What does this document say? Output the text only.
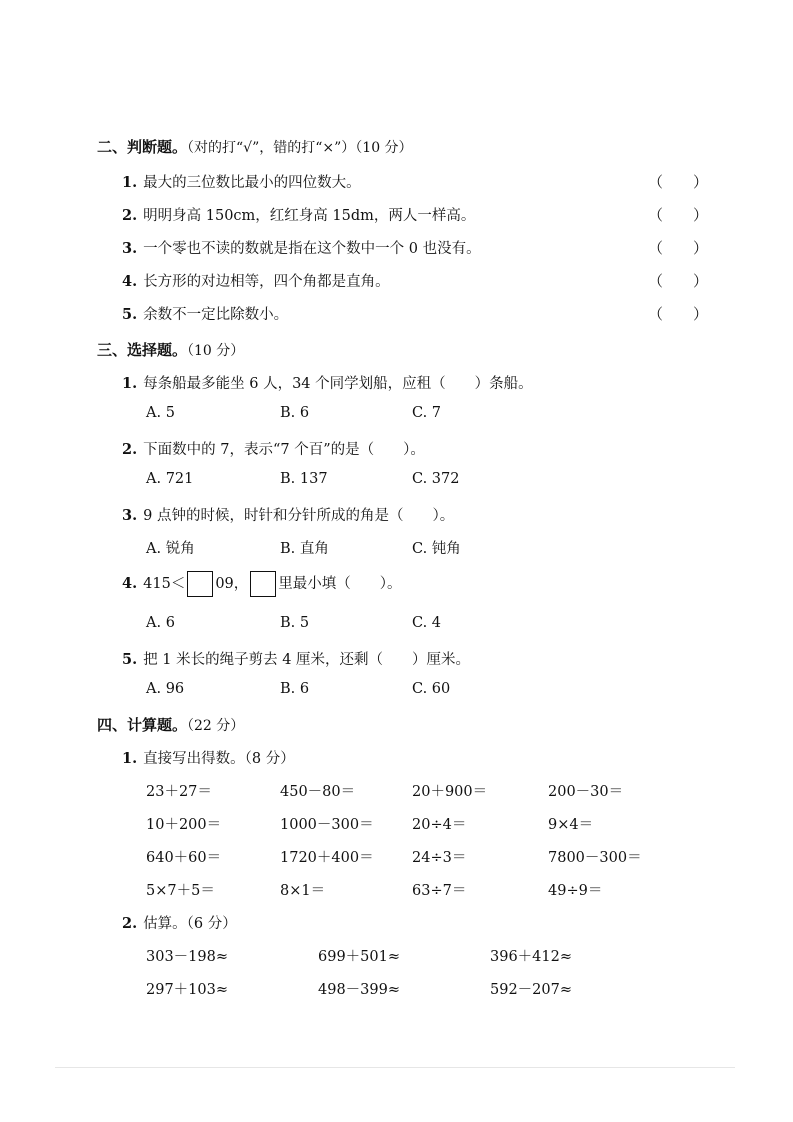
二、判断题。（对的打“√”，错的打“×”）（10 分）
1. 最大的三位数比最小的四位数大。	（　　）
2. 明明身高 150cm，红红身高 15dm，两人一样高。	（　　）
3. 一个零也不读的数就是指在这个数中一个 0 也没有。	（　　）
4. 长方形的对边相等，四个角都是直角。	（　　）
5. 余数不一定比除数小。	（　　）
三、选择题。（10 分）
1. 每条船最多能坐 6 人，34 个同学划船，应租（　　）条船。
A. 5	B. 6	C. 7
2. 下面数中的 7，表示“7 个百”的是（　　）。
A. 721	B. 137	C. 372
3. 9 点钟的时候，时针和分针所成的角是（　　）。
A. 锐角	B. 直角	C. 钝角
4. 415＜ 09， 里最小填（　　）。
A. 6	B. 5	C. 4
5. 把 1 米长的绳子剪去 4 厘米，还剩（　　）厘米。
A. 96	B. 6	C. 60
四、计算题。（22 分）
1. 直接写出得数。（8 分）
23＋27＝	450－80＝	20＋900＝	200－30＝
10＋200＝	1000－300＝	20÷4＝	9×4＝
640＋60＝	1720＋400＝	24÷3＝	7800－300＝
5×7＋5＝	8×1＝	63÷7＝	49÷9＝
2. 估算。（6 分）
303－198≈	699＋501≈	396＋412≈
297＋103≈	498－399≈	592－207≈
